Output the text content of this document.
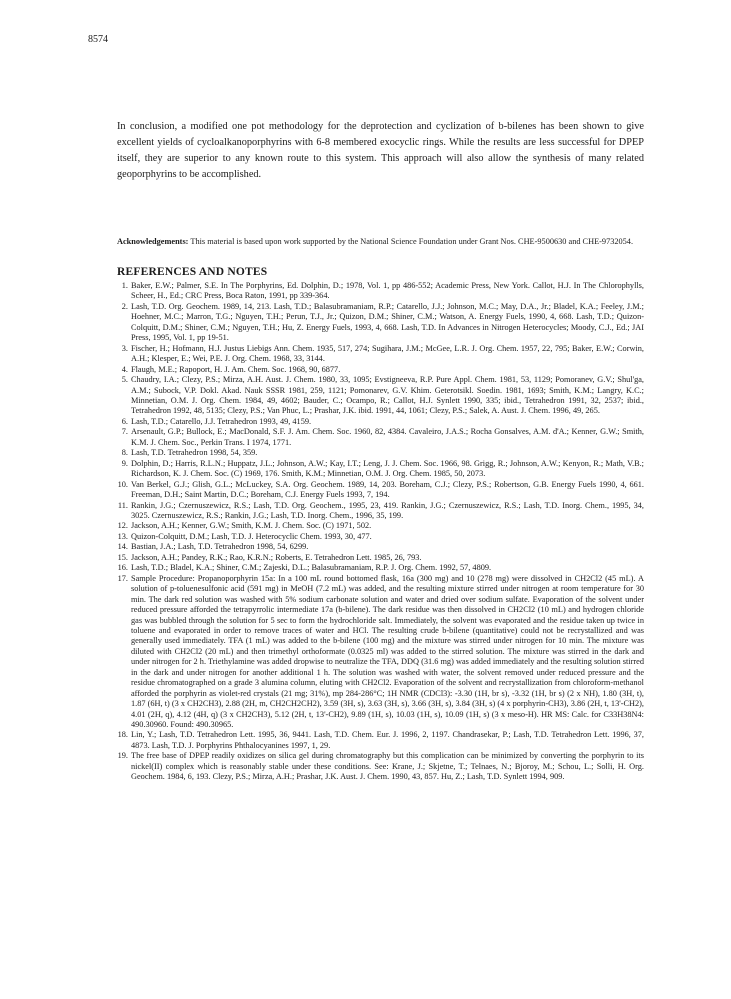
8574

In conclusion, a modified one pot methodology for the deprotection and cyclization of b-bilenes has been shown to give excellent yields of cycloalkanoporphyrins with 6-8 membered exocyclic rings. While the results are less successful for DPEP itself, they are superior to any known route to this system. This approach will also allow the synthesis of many related geoporphyrins to be accomplished.

Acknowledgements: This material is based upon work supported by the National Science Foundation under Grant Nos. CHE-9500630 and CHE-9732054.

REFERENCES AND NOTES
1. Baker, E.W.; Palmer, S.E. In The Porphyrins, Ed. Dolphin, D.; 1978, Vol. 1, pp 486-552; Academic Press, New York. Callot, H.J. In The Chlorophylls, Scheer, H., Ed.; CRC Press, Boca Raton, 1991, pp 339-364.
2. Lash, T.D. Org. Geochem. 1989, 14, 213. Lash, T.D.; Balasubramaniam, R.P.; Catarello, J.J.; Johnson, M.C.; May, D.A., Jr.; Bladel, K.A.; Feeley, J.M.; Hoehner, M.C.; Marron, T.G.; Nguyen, T.H.; Perun, T.J., Jr.; Quizon, D.M.; Shiner, C.M.; Watson, A. Energy Fuels, 1990, 4, 668. Lash, T.D.; Quizon-Colquitt, D.M.; Shiner, C.M.; Nguyen, T.H.; Hu, Z. Energy Fuels, 1993, 4, 668. Lash, T.D. In Advances in Nitrogen Heterocycles; Moody, C.J., Ed.; JAI Press, 1995, Vol. 1, pp 19-51.
3. Fischer, H.; Hofmann, H.J. Justus Liebigs Ann. Chem. 1935, 517, 274; Sugihara, J.M.; McGee, L.R. J. Org. Chem. 1957, 22, 795; Baker, E.W.; Corwin, A.H.; Klesper, E.; Wei, P.E. J. Org. Chem. 1968, 33, 3144.
4. Flaugh, M.E.; Rapoport, H. J. Am. Chem. Soc. 1968, 90, 6877.
5. Chaudry, I.A.; Clezy, P.S.; Mirza, A.H. Aust. J. Chem. 1980, 33, 1095; Evstigneeva, R.P. Pure Appl. Chem. 1981, 53, 1129; Pomoranev, G.V.; Shul'ga, A.M.; Subock, V.P. Dokl. Akad. Nauk SSSR 1981, 259, 1121; Pomonarev, G.V. Khim. Geterotsikl. Soedin. 1981, 1693; Smith, K.M.; Langry, K.C.; Minnetian, O.M. J. Org. Chem. 1984, 49, 4602; Bauder, C.; Ocampo, R.; Callot, H.J. Synlett 1990, 335; ibid., Tetrahedron 1991, 32, 2537; ibid., Tetrahedron 1992, 48, 5135; Clezy, P.S.; Van Phuc, L.; Prashar, J.K. ibid. 1991, 44, 1061; Clezy, P.S.; Salek, A. Aust. J. Chem. 1996, 49, 265.
6. Lash, T.D.; Catarello, J.J. Tetrahedron 1993, 49, 4159.
7. Arsenault, G.P.; Bullock, E.; MacDonald, S.F. J. Am. Chem. Soc. 1960, 82, 4384. Cavaleiro, J.A.S.; Rocha Gonsalves, A.M. d'A.; Kenner, G.W.; Smith, K.M. J. Chem. Soc., Perkin Trans. I 1974, 1771.
8. Lash, T.D. Tetrahedron 1998, 54, 359.
9. Dolphin, D.; Harris, R.L.N.; Huppatz, J.L.; Johnson, A.W.; Kay, I.T.; Leng, J. J. Chem. Soc. 1966, 98. Grigg, R.; Johnson, A.W.; Kenyon, R.; Math, V.B.; Richardson, K. J. Chem. Soc. (C) 1969, 176. Smith, K.M.; Minnetian, O.M. J. Org. Chem. 1985, 50, 2073.
10. Van Berkel, G.J.; Glish, G.L.; McLuckey, S.A. Org. Geochem. 1989, 14, 203. Boreham, C.J.; Clezy, P.S.; Robertson, G.B. Energy Fuels 1990, 4, 661. Freeman, D.H.; Saint Martin, D.C.; Boreham, C.J. Energy Fuels 1993, 7, 194.
11. Rankin, J.G.; Czernuszewicz, R.S.; Lash, T.D. Org. Geochem., 1995, 23, 419. Rankin, J.G.; Czernuszewicz, R.S.; Lash, T.D. Inorg. Chem., 1995, 34, 3025. Czernuszewicz, R.S.; Rankin, J.G.; Lash, T.D. Inorg. Chem., 1996, 35, 199.
12. Jackson, A.H.; Kenner, G.W.; Smith, K.M. J. Chem. Soc. (C) 1971, 502.
13. Quizon-Colquitt, D.M.; Lash, T.D. J. Heterocyclic Chem. 1993, 30, 477.
14. Bastian, J.A.; Lash, T.D. Tetrahedron 1998, 54, 6299.
15. Jackson, A.H.; Pandey, R.K.; Rao, K.R.N.; Roberts, E. Tetrahedron Lett. 1985, 26, 793.
16. Lash, T.D.; Bladel, K.A.; Shiner, C.M.; Zajeski, D.L.; Balasubramaniam, R.P. J. Org. Chem. 1992, 57, 4809.
17. Sample Procedure: Propanoporphyrin 15a: In a 100 mL round bottomed flask, 16a (300 mg) and 10 (278 mg) were dissolved in CH2Cl2 (45 mL). A solution of p-toluenesulfonic acid (591 mg) in MeOH (7.2 mL) was added, and the resulting mixture stirred under nitrogen at room temperature for 30 min. The dark red solution was washed with 5% sodium carbonate solution and water and dried over sodium sulfate. Evaporation of the solvent under reduced pressure afforded the tetrapyrrolic intermediate 17a (b-bilene). The dark residue was then dissolved in CH2Cl2 (10 mL) and hydrogen chloride gas was bubbled through the solution for 5 sec to form the hydrochloride salt. Immediately, the solvent was evaporated and the residue taken up twice in toluene and evaporated in order to remove traces of water and HCl. The resulting crude b-bilene (quantitative) could not be recrystallized and was generally used immediately. TFA (1 mL) was added to the b-bilene (100 mg) and the mixture was stirred under nitrogen for 10 min. The mixture was diluted with CH2Cl2 (20 mL) and then trimethyl orthoformate (0.0325 ml) was added to the stirred solution. The mixture was stirred in the dark and under nitrogen for 2 h. Triethylamine was added dropwise to neutralize the TFA, DDQ (31.6 mg) was added immediately and the resulting solution stirred in the dark and under nitrogen for another additional 1 h. The solution was washed with water, the solvent removed under reduced pressure and the residue chromatographed on a grade 3 alumina column, eluting with CH2Cl2. Evaporation of the solvent and recrystallization from chloroform-methanol afforded the porphyrin as violet-red crystals (21 mg; 31%), mp 284-286°C; 1H NMR (CDCl3): -3.30 (1H, br s), -3.32 (1H, br s) (2 x NH), 1.80 (3H, t), 1.87 (6H, t) (3 x CH2CH3), 2.88 (2H, m, CH2CH2CH2), 3.59 (3H, s), 3.63 (3H, s), 3.66 (3H, s), 3.84 (3H, s) (4 x porphyrin-CH3), 3.86 (2H, t, 13'-CH2), 4.01 (2H, q), 4.12 (4H, q) (3 x CH2CH3), 5.12 (2H, t, 13'-CH2), 9.89 (1H, s), 10.03 (1H, s), 10.09 (1H, s) (3 x meso-H). HR MS: Calc. for C33H38N4: 490.30960. Found: 490.30965.
18. Lin, Y.; Lash, T.D. Tetrahedron Lett. 1995, 36, 9441. Lash, T.D. Chem. Eur. J. 1996, 2, 1197. Chandrasekar, P.; Lash, T.D. Tetrahedron Lett. 1996, 37, 4873. Lash, T.D. J. Porphyrins Phthalocyanines 1997, 1, 29.
19. The free base of DPEP readily oxidizes on silica gel during chromatography but this complication can be minimized by converting the porphyrin to its nickel(II) complex which is reasonably stable under these conditions. See: Krane, J.; Skjetne, T.; Telnaes, N.; Bjoroy, M.; Schou, L.; Solli, H. Org. Geochem. 1984, 6, 193. Clezy, P.S.; Mirza, A.H.; Prashar, J.K. Aust. J. Chem. 1990, 43, 857. Hu, Z.; Lash, T.D. Synlett 1994, 909.
